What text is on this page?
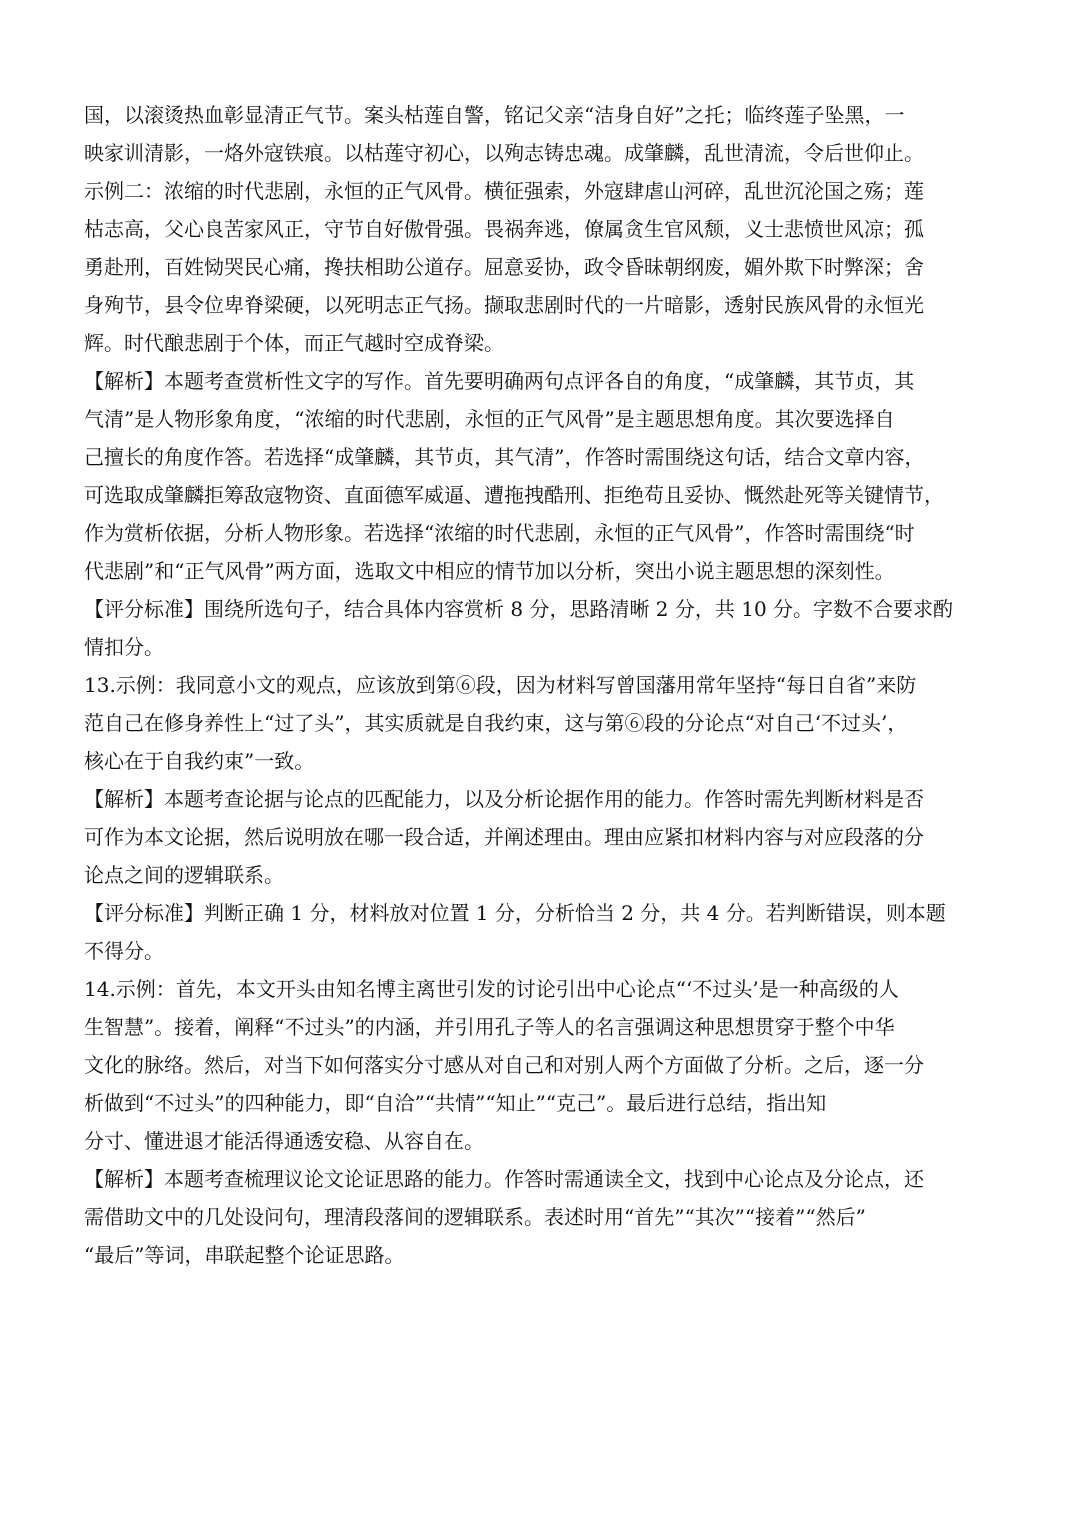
国，以滚烫热血彰显清正气节。案头枯莲自警，铭记父亲“洁身自好”之托；临终莲子坠黑，一

映家训清影，一烙外寇铁痕。以枯莲守初心，以殉志铸忠魂。成肇麟，乱世清流，令后世仰止。

示例二：浓缩的时代悲剧，永恒的正气风骨。横征强索，外寇肆虐山河碎，乱世沉沦国之殇；莲

枯志高，父心良苦家风正，守节自好傲骨强。畏祸奔逃，僚属贪生官风颓，义士悲愤世风凉；孤

勇赴刑，百姓恸哭民心痛，搀扶相助公道存。屈意妥协，政令昏昧朝纲废，媚外欺下时弊深；舍

身殉节，县令位卑脊梁硬，以死明志正气扬。撷取悲剧时代的一片暗影，透射民族风骨的永恒光

辉。时代酿悲剧于个体，而正气越时空成脊梁。

【解析】本题考查赏析性文字的写作。首先要明确两句点评各自的角度，“成肇麟，其节贞，其

气清”是人物形象角度，“浓缩的时代悲剧，永恒的正气风骨”是主题思想角度。其次要选择自

己擅长的角度作答。若选择“成肇麟，其节贞，其气清”，作答时需围绕这句话，结合文章内容，

可选取成肇麟拒筹敌寇物资、直面德军威逼、遭拖拽酷刑、拒绝苟且妥协、慨然赴死等关键情节，

作为赏析依据，分析人物形象。若选择“浓缩的时代悲剧，永恒的正气风骨”，作答时需围绕“时

代悲剧”和“正气风骨”两方面，选取文中相应的情节加以分析，突出小说主题思想的深刻性。

【评分标准】围绕所选句子，结合具体内容赏析 8 分，思路清晰 2 分，共 10 分。字数不合要求酌

情扣分。

13.示例：我同意小文的观点，应该放到第⑥段，因为材料写曾国藩用常年坚持“每日自省”来防

范自己在修身养性上“过了头”，其实质就是自我约束，这与第⑥段的分论点“对自己‘不过头’，

核心在于自我约束”一致。

【解析】本题考查论据与论点的匹配能力，以及分析论据作用的能力。作答时需先判断材料是否

可作为本文论据，然后说明放在哪一段合适，并阐述理由。理由应紧扣材料内容与对应段落的分

论点之间的逻辑联系。

【评分标准】判断正确 1 分，材料放对位置 1 分，分析恰当 2 分，共 4 分。若判断错误，则本题

不得分。

14.示例：首先，本文开头由知名博主离世引发的讨论引出中心论点“‘不过头’是一种高级的人

生智慧”。接着，阐释“不过头”的内涵，并引用孔子等人的名言强调这种思想贯穿于整个中华

文化的脉络。然后，对当下如何落实分寸感从对自己和对别人两个方面做了分析。之后，逐一分

析做到“不过头”的四种能力，即“自洽”“共情”“知止”“克己”。最后进行总结，指出知

分寸、懂进退才能活得通透安稳、从容自在。

【解析】本题考查梳理议论文论证思路的能力。作答时需通读全文，找到中心论点及分论点，还

需借助文中的几处设问句，理清段落间的逻辑联系。表述时用“首先”“其次”“接着”“然后”

“最后”等词，串联起整个论证思路。
